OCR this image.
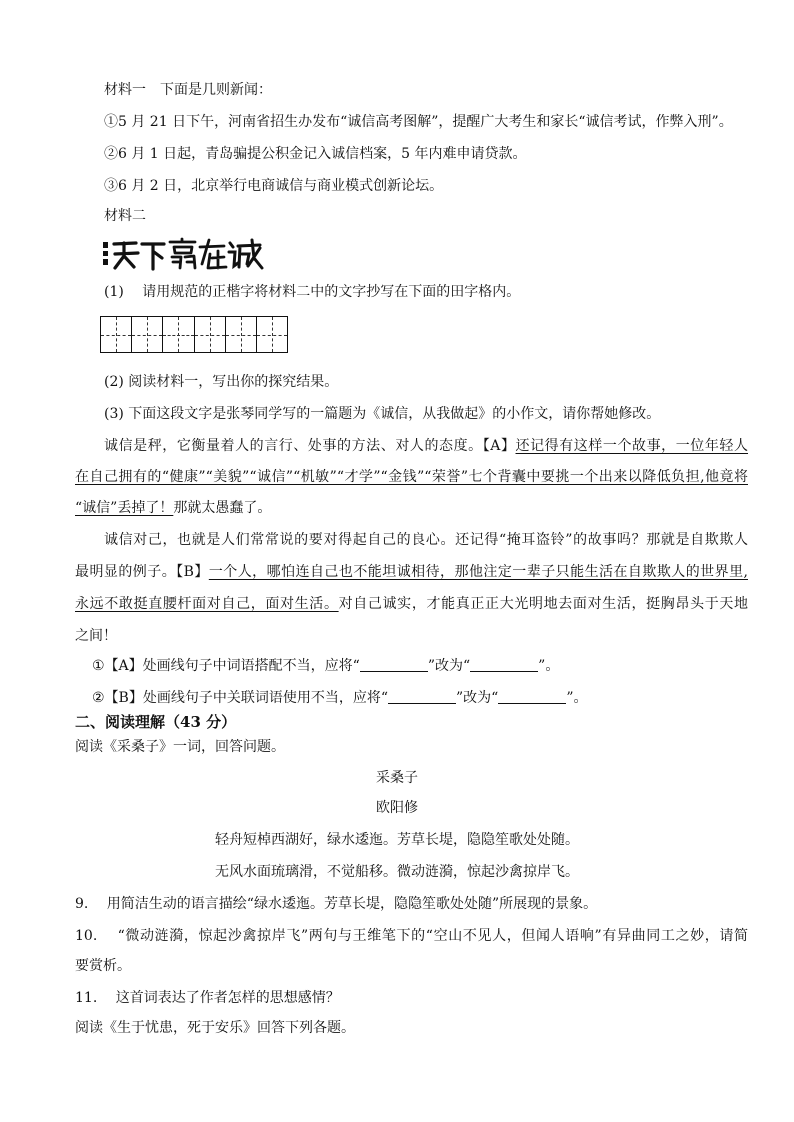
材料一　下面是几则新闻：
①5 月 21 日下午，河南省招生办发布“诚信高考图解”，提醒广大考生和家长“诚信考试，作弊入刑”。
②6 月 1 日起，青岛骗提公积金记入诚信档案，5 年内难申请贷款。
③6 月 2 日，北京举行电商诚信与商业模式创新论坛。
材料二
(1)　 请用规范的正楷字将材料二中的文字抄写在下面的田字格内。
(2) 阅读材料一，写出你的探究结果。
(3) 下面这段文字是张琴同学写的一篇题为《诚信，从我做起》的小作文，请你帮她修改。
诚信是秤，它衡量着人的言行、处事的方法、对人的态度。【A】还记得有这样一个故事，一位年轻人
在自己拥有的“健康”“美貌”“诚信”“机敏”“才学”“金钱”“荣誉”七个背囊中要挑一个出来以降低负担,他竟将
“诚信”丢掉了！那就太愚蠢了。
诚信对己，也就是人们常常说的要对得起自己的良心。还记得“掩耳盗铃”的故事吗？那就是自欺欺人
最明显的例子。【B】一个人，哪怕连自己也不能坦诚相待，那他注定一辈子只能生活在自欺欺人的世界里,
永远不敢挺直腰杆面对自己，面对生活。对自己诚实，才能真正正大光明地去面对生活，挺胸昂头于天地
之间！
①【A】处画线句子中词语搭配不当，应将“	”改为“	”。
②【B】处画线句子中关联词语使用不当，应将“	”改为“	”。
二、阅读理解（43 分）
阅读《采桑子》一词，回答问题。
采桑子
欧阳修
轻舟短棹西湖好，绿水逶迤。芳草长堤，隐隐笙歌处处随。
无风水面琉璃滑，不觉船移。微动涟漪，惊起沙禽掠岸飞。
9.　 用简洁生动的语言描绘“绿水逶迤。芳草长堤，隐隐笙歌处处随”所展现的景象。
10.　 “微动涟漪，惊起沙禽掠岸飞”两句与王维笔下的“空山不见人，但闻人语响”有异曲同工之妙，请简
要赏析。
11.　 这首词表达了作者怎样的思想感情？
阅读《生于忧患，死于安乐》回答下列各题。
